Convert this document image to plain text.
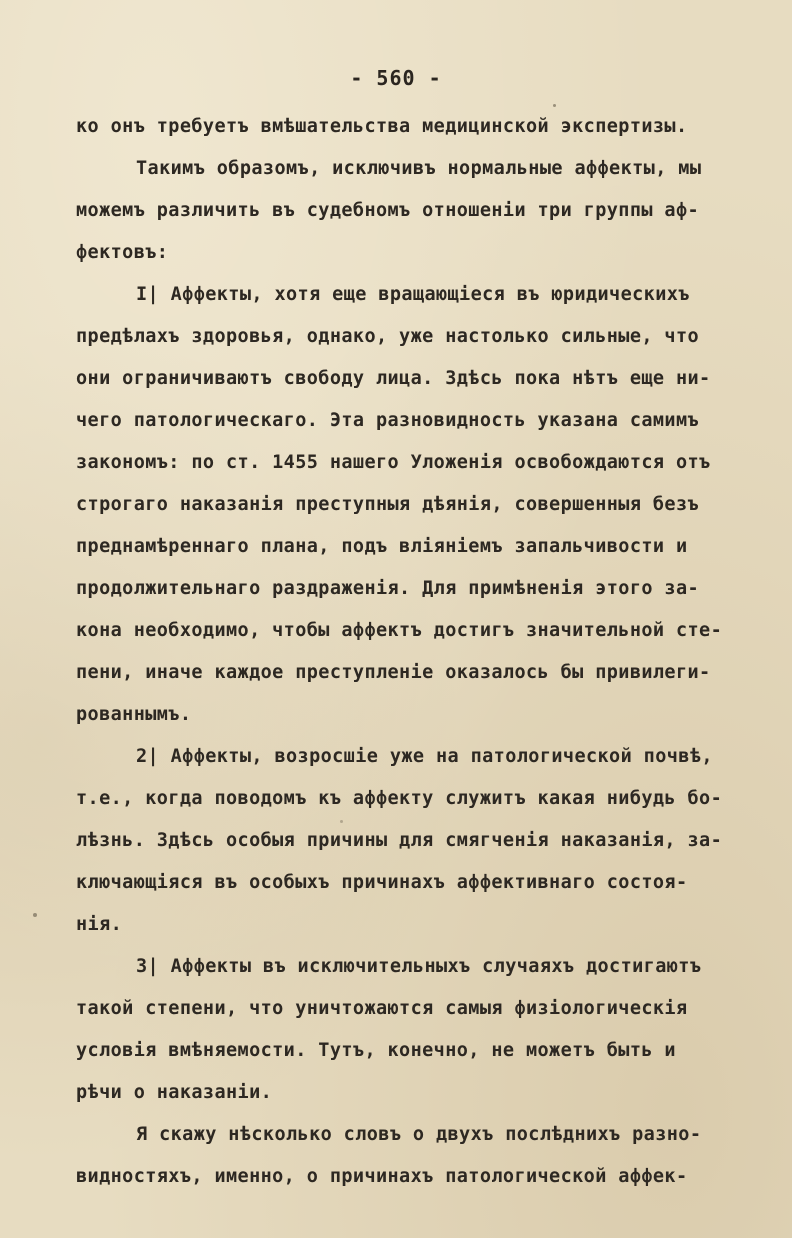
- 560 -
ко онъ требуетъ вмѣшательства медицинской экспертизы.
Такимъ образомъ, исключивъ нормальные аффекты, мы
можемъ различить въ судебномъ отношеніи три группы аф-
фектовъ:
I| Аффекты, хотя еще вращающіеся въ юридическихъ
предѣлахъ здоровья, однако, уже настолько сильные, что
они ограничиваютъ свободу лица. Здѣсь пока нѣтъ еще ни-
чего патологическаго. Эта разновидность указана самимъ
закономъ: по ст. 1455 нашего Уложенія освобождаются отъ
строгаго наказанія преступныя дѣянія, совершенныя безъ
преднамѣреннаго плана, подъ вліяніемъ запальчивости и
продолжительнаго раздраженія. Для примѣненія этого за-
кона необходимо, чтобы аффектъ достигъ значительной сте-
пени, иначе каждое преступленіе оказалось бы привилеги-
рованнымъ.
2| Аффекты, возросшіе уже на патологической почвѣ,
т.е., когда поводомъ къ аффекту служитъ какая нибудь бо-
лѣзнь. Здѣсь особыя причины для смягченія наказанія, за-
ключающіяся въ особыхъ причинахъ аффективнаго состоя-
нія.
3| Аффекты въ исключительныхъ случаяхъ достигаютъ
такой степени, что уничтожаются самыя физіологическія
условія вмѣняемости. Тутъ, конечно, не можетъ быть и
рѣчи о наказаніи.
Я скажу нѣсколько словъ о двухъ послѣднихъ разно-
видностяхъ, именно, о причинахъ патологической аффек-
